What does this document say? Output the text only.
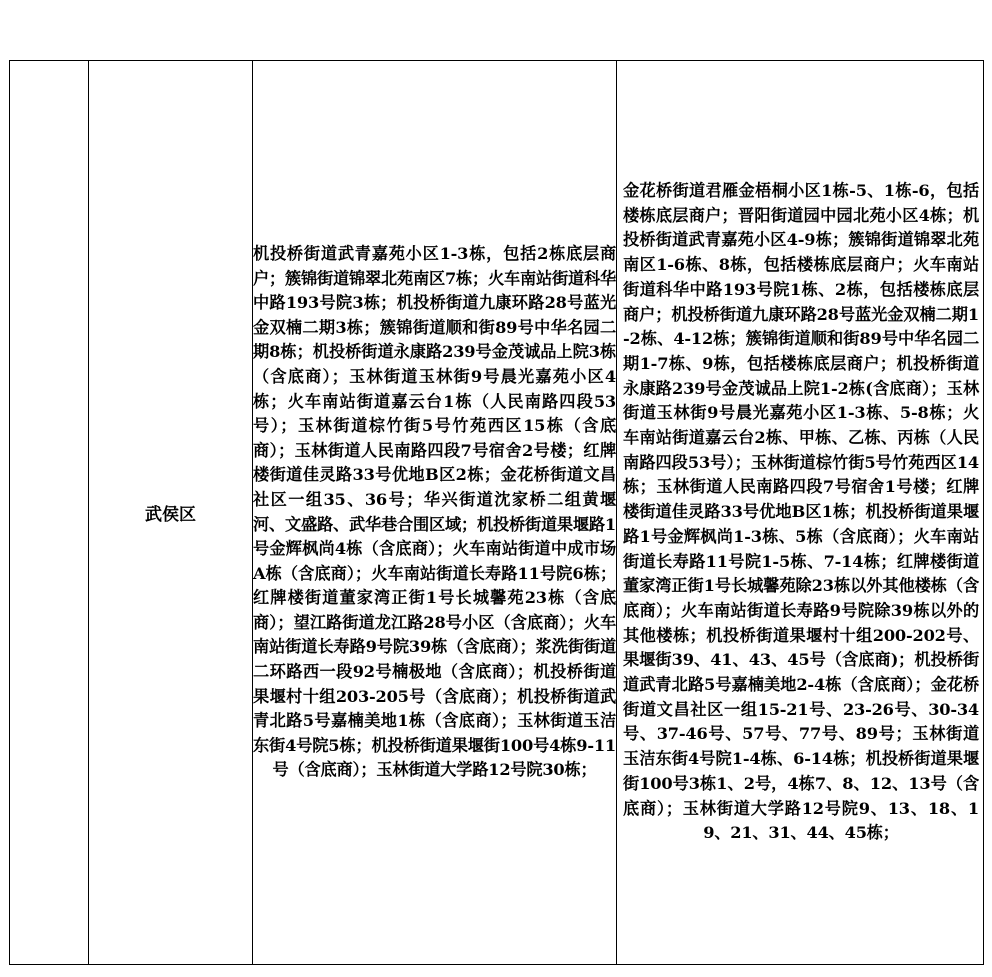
	武侯区	机投桥街道武青嘉苑小区1-3栋，包括2栋底层商户；簇锦街道锦翠北苑南区7栋；火车南站街道科华中路193号院3栋；机投桥街道九康环路28号蓝光金双楠二期3栋；簇锦街道顺和街89号中华名园二期8栋；机投桥街道永康路239号金茂诚品上院3栋（含底商）；玉林街道玉林街9号晨光嘉苑小区4栋；火车南站街道嘉云台1栋（人民南路四段53号）；玉林街道棕竹街5号竹苑西区15栋（含底商）；玉林街道人民南路四段7号宿舍2号楼；红牌楼街道佳灵路33号优地B区2栋；金花桥街道文昌社区一组35、36号；华兴街道沈家桥二组黄堰河、文盛路、武华巷合围区域；机投桥街道果堰路1号金辉枫尚4栋（含底商）；火车南站街道中成市场A栋（含底商）；火车南站街道长寿路11号院6栋；红牌楼街道董家湾正街1号长城馨苑23栋（含底商）；望江路街道龙江路28号小区（含底商）；火车南站街道长寿路9号院39栋（含底商）；浆洗街街道二环路西一段92号楠极地（含底商）；机投桥街道果堰村十组203-205号（含底商）；机投桥街道武青北路5号嘉楠美地1栋（含底商）；玉林街道玉洁东街4号院5栋；机投桥街道果堰街100号4栋9-11号（含底商）；玉林街道大学路12号院30栋；	金花桥街道君雁金梧桐小区1栋-5、1栋-6，包括楼栋底层商户；晋阳街道园中园北苑小区4栋；机投桥街道武青嘉苑小区4-9栋；簇锦街道锦翠北苑南区1-6栋、8栋，包括楼栋底层商户；火车南站街道科华中路193号院1栋、2栋，包括楼栋底层商户；机投桥街道九康环路28号蓝光金双楠二期1-2栋、4-12栋；簇锦街道顺和街89号中华名园二期1-7栋、9栋，包括楼栋底层商户；机投桥街道永康路239号金茂诚品上院1-2栋(含底商）；玉林街道玉林街9号晨光嘉苑小区1-3栋、5-8栋；火车南站街道嘉云台2栋、甲栋、乙栋、丙栋（人民南路四段53号）；玉林街道棕竹街5号竹苑西区14栋；玉林街道人民南路四段7号宿舍1号楼；红牌楼街道佳灵路33号优地B区1栋；机投桥街道果堰路1号金辉枫尚1-3栋、5栋（含底商）；火车南站街道长寿路11号院1-5栋、7-14栋；红牌楼街道董家湾正街1号长城馨苑除23栋以外其他楼栋（含底商）；火车南站街道长寿路9号院除39栋以外的其他楼栋；机投桥街道果堰村十组200-202号、果堰街39、41、43、45号（含底商)；机投桥街道武青北路5号嘉楠美地2-4栋（含底商）；金花桥街道文昌社区一组15-21号、23-26号、30-34号、37-46号、57号、77号、89号；玉林街道玉洁东街4号院1-4栋、6-14栋；机投桥街道果堰街100号3栋1、2号，4栋7、8、12、13号（含底商）；玉林街道大学路12号院9、13、18、19、21、31、44、45栋；
